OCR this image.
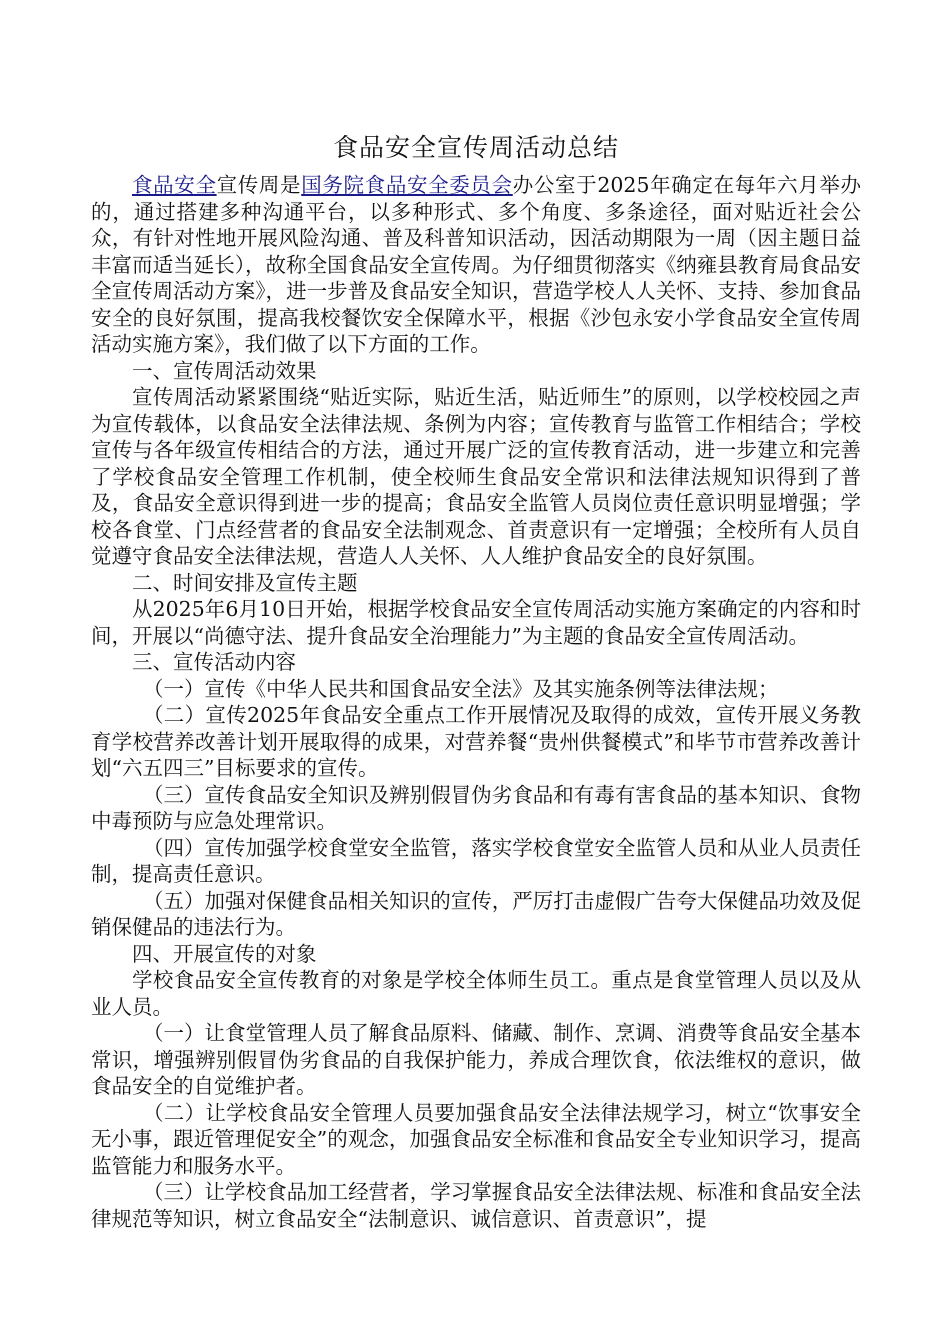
食品安全宣传周活动总结

食品安全宣传周是国务院食品安全委员会办公室于2025年确定在每年六月举办的，通过搭建多种沟通平台，以多种形式、多个角度、多条途径，面对贴近社会公众，有针对性地开展风险沟通、普及科普知识活动，因活动期限为一周（因主题日益丰富而适当延长），故称全国食品安全宣传周。为仔细贯彻落实《纳雍县教育局食品安全宣传周活动方案》，进一步普及食品安全知识，营造学校人人关怀、支持、参加食品安全的良好氛围，提高我校餐饮安全保障水平，根据《沙包永安小学食品安全宣传周活动实施方案》，我们做了以下方面的工作。

一、宣传周活动效果

宣传周活动紧紧围绕“贴近实际，贴近生活，贴近师生”的原则，以学校校园之声为宣传载体，以食品安全法律法规、条例为内容；宣传教育与监管工作相结合；学校宣传与各年级宣传相结合的方法，通过开展广泛的宣传教育活动，进一步建立和完善了学校食品安全管理工作机制，使全校师生食品安全常识和法律法规知识得到了普及，食品安全意识得到进一步的提高；食品安全监管人员岗位责任意识明显增强；学校各食堂、门点经营者的食品安全法制观念、首责意识有一定增强；全校所有人员自觉遵守食品安全法律法规，营造人人关怀、人人维护食品安全的良好氛围。

二、时间安排及宣传主题

从2025年6月10日开始，根据学校食品安全宣传周活动实施方案确定的内容和时间，开展以“尚德守法、提升食品安全治理能力”为主题的食品安全宣传周活动。

三、宣传活动内容

（一）宣传《中华人民共和国食品安全法》及其实施条例等法律法规；

（二）宣传2025年食品安全重点工作开展情况及取得的成效，宣传开展义务教育学校营养改善计划开展取得的成果，对营养餐“贵州供餐模式”和毕节市营养改善计划“六五四三”目标要求的宣传。

（三）宣传食品安全知识及辨别假冒伪劣食品和有毒有害食品的基本知识、食物中毒预防与应急处理常识。

（四）宣传加强学校食堂安全监管，落实学校食堂安全监管人员和从业人员责任制，提高责任意识。

（五）加强对保健食品相关知识的宣传，严厉打击虚假广告夸大保健品功效及促销保健品的违法行为。

四、开展宣传的对象

学校食品安全宣传教育的对象是学校全体师生员工。重点是食堂管理人员以及从业人员。

（一）让食堂管理人员了解食品原料、储藏、制作、烹调、消费等食品安全基本常识，增强辨别假冒伪劣食品的自我保护能力，养成合理饮食，依法维权的意识，做食品安全的自觉维护者。

（二）让学校食品安全管理人员要加强食品安全法律法规学习，树立“饮事安全无小事，跟近管理促安全”的观念，加强食品安全标准和食品安全专业知识学习，提高监管能力和服务水平。

（三）让学校食品加工经营者，学习掌握食品安全法律法规、标准和食品安全法律规范等知识，树立食品安全“法制意识、诚信意识、首责意识”，提
